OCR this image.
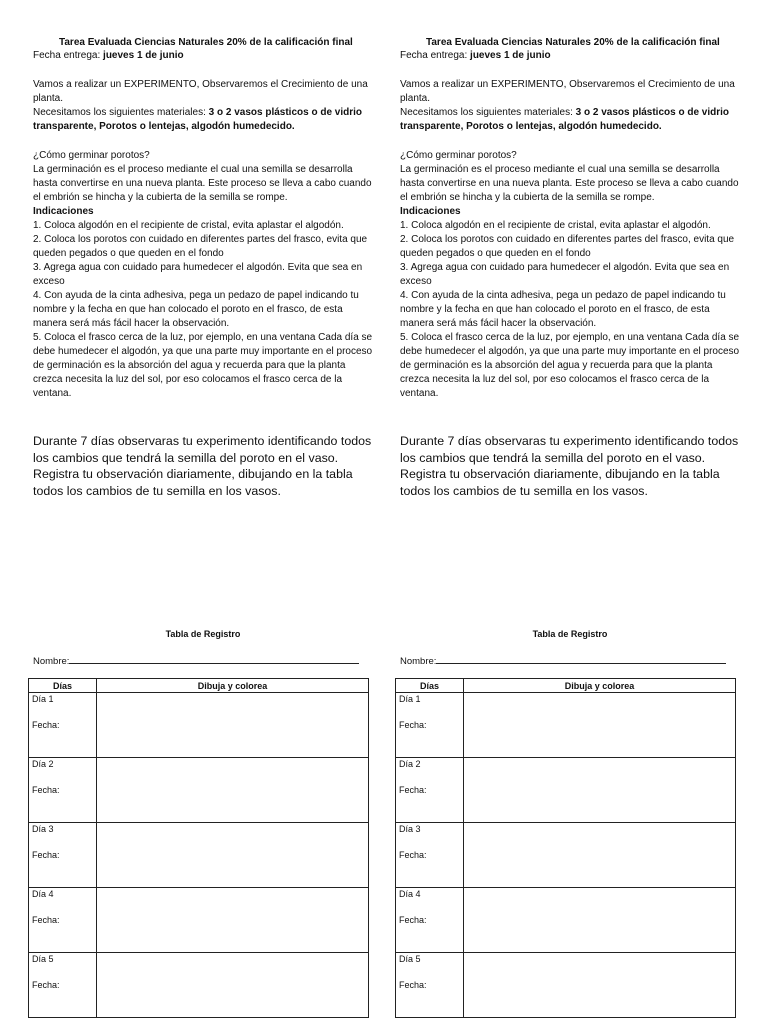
Tarea Evaluada Ciencias Naturales 20% de la calificación final
Fecha entrega: jueves 1 de junio
Vamos a realizar un EXPERIMENTO, Observaremos el Crecimiento de una planta.
Necesitamos los siguientes materiales: 3 o 2 vasos plásticos o de vidrio transparente, Porotos o lentejas, algodón humedecido.
¿Cómo germinar porotos?
La germinación es el proceso mediante el cual una semilla se desarrolla hasta convertirse en una nueva planta. Este proceso se lleva a cabo cuando el embrión se hincha y la cubierta de la semilla se rompe.
Indicaciones
1. Coloca algodón en el recipiente de cristal, evita aplastar el algodón.
2. Coloca los porotos con cuidado en diferentes partes del frasco, evita que queden pegados o que queden en el fondo
3. Agrega agua con cuidado para humedecer el algodón. Evita que sea en exceso
4. Con ayuda de la cinta adhesiva, pega un pedazo de papel indicando tu nombre y la fecha en que han colocado el poroto en el frasco, de esta manera será más fácil hacer la observación.
5. Coloca el frasco cerca de la luz, por ejemplo, en una ventana Cada día se debe humedecer el algodón, ya que una parte muy importante en el proceso de germinación es la absorción del agua y recuerda para que la planta crezca necesita la luz del sol, por eso colocamos el frasco cerca de la ventana.
Durante 7 días observaras tu experimento identificando todos los cambios que tendrá la semilla del poroto en el vaso. Registra tu observación diariamente, dibujando en la tabla todos los cambios de tu semilla en los vasos.
Tabla de Registro
Nombre:
Días	Dibuja y colorea

Día 1
Fecha:	

Día 2
Fecha:	

Día 3
Fecha:	

Día 4
Fecha:	

Día 5
Fecha:	

Tarea Evaluada Ciencias Naturales 20% de la calificación final
Fecha entrega: jueves 1 de junio
Vamos a realizar un EXPERIMENTO, Observaremos el Crecimiento de una planta.
Necesitamos los siguientes materiales: 3 o 2 vasos plásticos o de vidrio transparente, Porotos o lentejas, algodón humedecido.
¿Cómo germinar porotos?
La germinación es el proceso mediante el cual una semilla se desarrolla hasta convertirse en una nueva planta. Este proceso se lleva a cabo cuando el embrión se hincha y la cubierta de la semilla se rompe.
Indicaciones
1. Coloca algodón en el recipiente de cristal, evita aplastar el algodón.
2. Coloca los porotos con cuidado en diferentes partes del frasco, evita que queden pegados o que queden en el fondo
3. Agrega agua con cuidado para humedecer el algodón. Evita que sea en exceso
4. Con ayuda de la cinta adhesiva, pega un pedazo de papel indicando tu nombre y la fecha en que han colocado el poroto en el frasco, de esta manera será más fácil hacer la observación.
5. Coloca el frasco cerca de la luz, por ejemplo, en una ventana Cada día se debe humedecer el algodón, ya que una parte muy importante en el proceso de germinación es la absorción del agua y recuerda para que la planta crezca necesita la luz del sol, por eso colocamos el frasco cerca de la ventana.
Durante 7 días observaras tu experimento identificando todos los cambios que tendrá la semilla del poroto en el vaso. Registra tu observación diariamente, dibujando en la tabla todos los cambios de tu semilla en los vasos.
Tabla de Registro
Nombre:
Días	Dibuja y colorea

Día 1
Fecha:	

Día 2
Fecha:	

Día 3
Fecha:	

Día 4
Fecha:	

Día 5
Fecha:	
